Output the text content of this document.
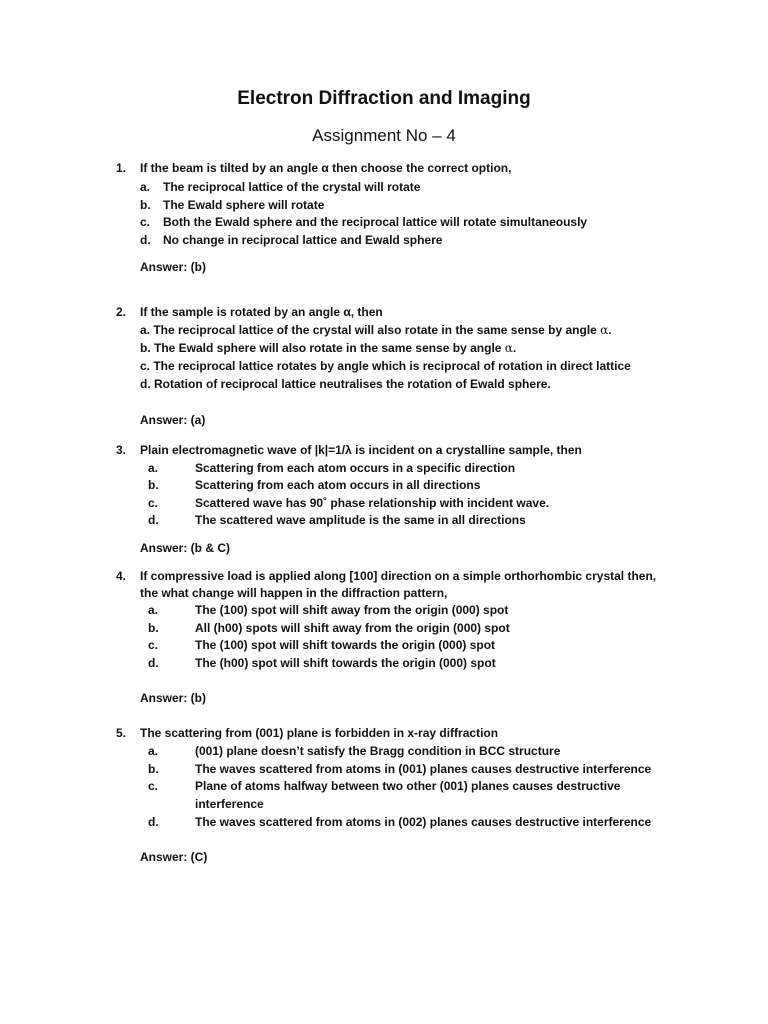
Electron Diffraction and Imaging
Assignment No – 4
1. If the beam is tilted by an angle α then choose the correct option,
a. The reciprocal lattice of the crystal will rotate
b. The Ewald sphere will rotate
c. Both the Ewald sphere and the reciprocal lattice will rotate simultaneously
d. No change in reciprocal lattice and Ewald sphere
Answer: (b)
2. If the sample is rotated by an angle α, then
a. The reciprocal lattice of the crystal will also rotate in the same sense by angle α.
b. The Ewald sphere will also rotate in the same sense by angle α.
c. The reciprocal lattice rotates by angle which is reciprocal of rotation in direct lattice
d. Rotation of reciprocal lattice neutralises the rotation of Ewald sphere.
Answer: (a)
3. Plain electromagnetic wave of |k|=1/λ is incident on a crystalline sample, then
a.	Scattering from each atom occurs in a specific direction
b.	Scattering from each atom occurs in all directions
c.	Scattered wave has 90˚ phase relationship with incident wave.
d.	The scattered wave amplitude is the same in all directions
Answer: (b & C)
4. If compressive load is applied along [100] direction on a simple orthorhombic crystal then, the what change will happen in the diffraction pattern,
a.	The (100) spot will shift away from the origin (000) spot
b.	All (h00) spots will shift away from the origin (000) spot
c.	The (100) spot will shift towards the origin (000) spot
d.	The (h00) spot will shift towards the origin (000) spot
Answer: (b)
5. The scattering from (001) plane is forbidden in x-ray diffraction
a.	(001) plane doesn’t satisfy the Bragg condition in BCC structure
b.	The waves scattered from atoms in (001) planes causes destructive interference
c.	Plane of atoms halfway between two other (001) planes causes destructive interference
d.	The waves scattered from atoms in (002) planes causes destructive interference
Answer: (C)
